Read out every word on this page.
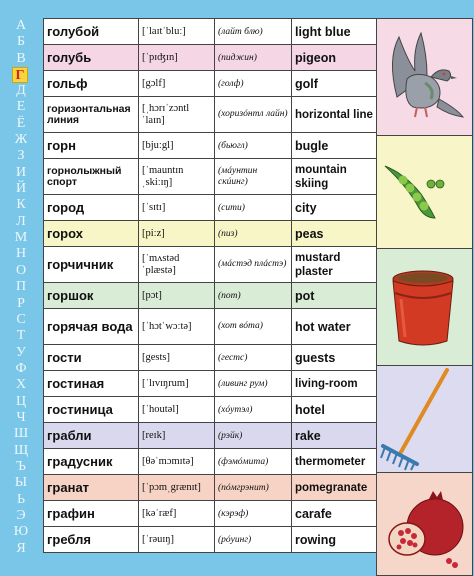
А
Б
В
Г
Д
Е
Ё
Ж
З
И
Й
К
Л
М
Н
О
П
Р
С
Т
У
Ф
Х
Ц
Ч
Ш
Щ
Ъ
Ы
Ь
Э
Ю
Я
голубой	[ˈlaɪtˈbluː]	(лайт блю)	light blue
голубь	[ˈpɪʤɪn]	(пиджин)	pigeon
гольф	[gɔlf]	(голф)	golf
горизонтальная линия	[ˌhɔrɪˈzɔntlˈlaɪn]	(хоризóнтл лайн)	horizontal line
горн	[bjuːgl]	(бьюгл)	bugle
горнолыжный спорт	[ˈmauntɪnˌskiːɪŋ]	(мáунтин скúинг)	mountain skiing
город	[ˈsɪtɪ]	(сити)	city
горох	[piːz]	(пиз)	peas
горчичник	[ˈmʌstədˈplæstə]	(мáстэд плáстэ)	mustard plaster
горшок	[pɔt]	(пот)	pot
горячая вода	[ˈhɔtˈwɔːtə]	(хот вóта)	hot water
гости	[gests]	(гестс)	guests
гостиная	[ˈlɪvɪŋrum]	(ливинг рум)	living-room
гостиница	[ˈhoutəl]	(хóутэл)	hotel
грабли	[reɪk]	(рэйк)	rake
градусник	[θəˈmɔmɪtə]	(фэмóмита)	thermometer
гранат	[ˈpɔmˌgrænɪt]	(пóмгрэнит)	pomegranate
графин	[kəˈræf]	(кэрэф)	carafe
гребля	[ˈrəuɪŋ]	(рóуинг)	rowing
